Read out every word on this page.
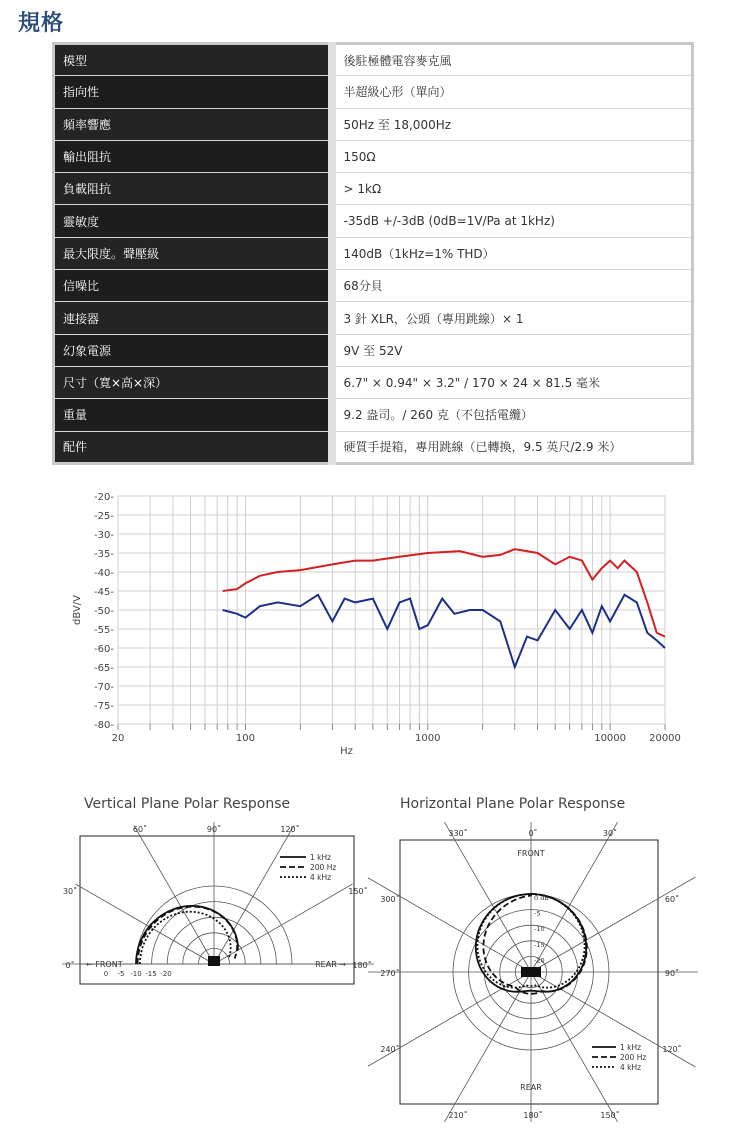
規格
模型	後駐極體電容麥克風
指向性	半超級心形（單向）
頻率響應	50Hz 至 18,000Hz
輸出阻抗	150Ω
負載阻抗	> 1kΩ
靈敏度	-35dB +/-3dB (0dB=1V/Pa at 1kHz)
最大限度。聲壓級	140dB（1kHz=1% THD）
信噪比	68分貝
連接器	3 針 XLR，公頭（專用跳線）× 1
幻象電源	9V 至 52V
尺寸（寬×高×深）	6.7" × 0.94" × 3.2" / 170 × 24 × 81.5 毫米
重量	9.2 盎司。/ 260 克（不包括電纜）
配件	硬質手提箱，專用跳線（已轉換，9.5 英尺/2.9 米）
-20-
-25-
-30-
-35-
-40-
-45-
-50-
-55-
-60-
-65-
-70-
-75-
-80-
dBV/V
20	100	1000	10000 20000
Hz
Vertical Plane Polar Response
60˚	90˚	120˚
30˚	150˚
0˚	180˚
← FRONT	REAR →
0 -5 -10 -15 -20
1 kHz
200 Hz
4 kHz
Horizontal Plane Polar Response
330˚	0˚	30˚
300˚	60˚
270˚	90˚
240˚	120˚
210˚	180˚	150˚
FRONT
REAR
0 dB
-5
-10
-15
-20
1 kHz
200 Hz
4 kHz
